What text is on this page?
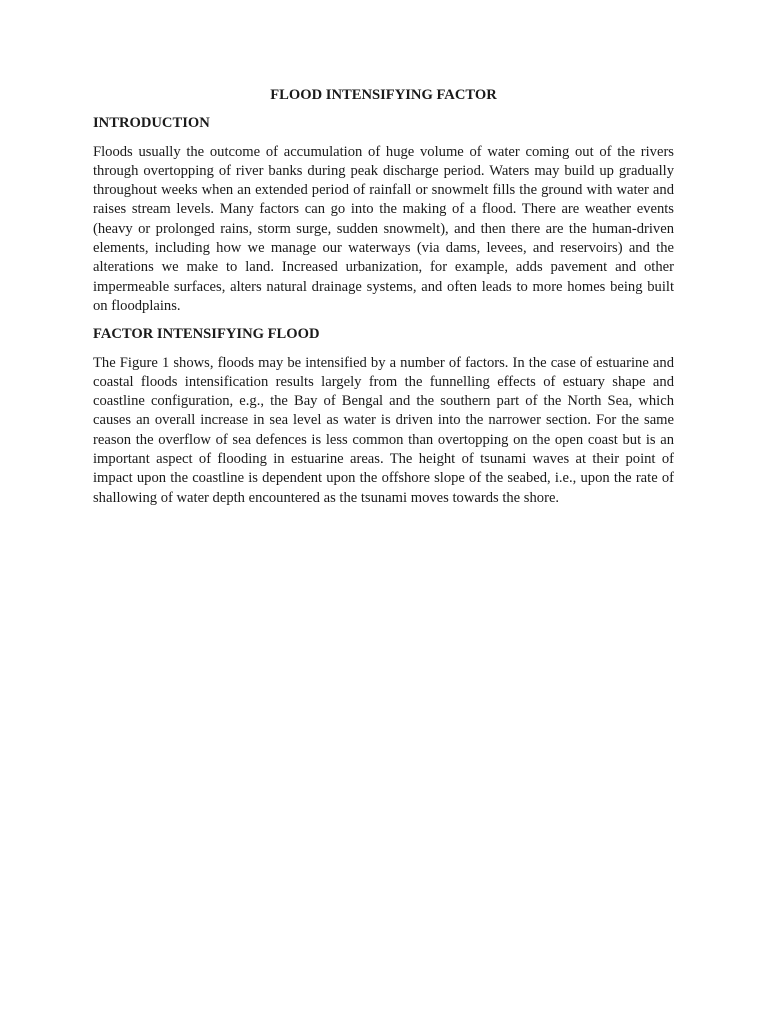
FLOOD INTENSIFYING FACTOR
INTRODUCTION

Floods usually the outcome of accumulation of huge volume of water coming out of the rivers through overtopping of river banks during peak discharge period. Waters may build up gradually throughout weeks when an extended period of rainfall or snowmelt fills the ground with water and raises stream levels. Many factors can go into the making of a flood. There are weather events (heavy or prolonged rains, storm surge, sudden snowmelt), and then there are the human-driven elements, including how we manage our waterways (via dams, levees, and reservoirs) and the alterations we make to land. Increased urbanization, for example, adds pavement and other impermeable surfaces, alters natural drainage systems, and often leads to more homes being built on floodplains.

FACTOR INTENSIFYING FLOOD

The Figure 1 shows, floods may be intensified by a number of factors. In the case of estuarine and coastal floods intensification results largely from the funnelling effects of estuary shape and coastline configuration, e.g., the Bay of Bengal and the southern part of the North Sea, which causes an overall increase in sea level as water is driven into the narrower section. For the same reason the overflow of sea defences is less common than overtopping on the open coast but is an important aspect of flooding in estuarine areas. The height of tsunami waves at their point of impact upon the coastline is dependent upon the offshore slope of the seabed, i.e., upon the rate of shallowing of water depth encountered as the tsunami moves towards the shore.
